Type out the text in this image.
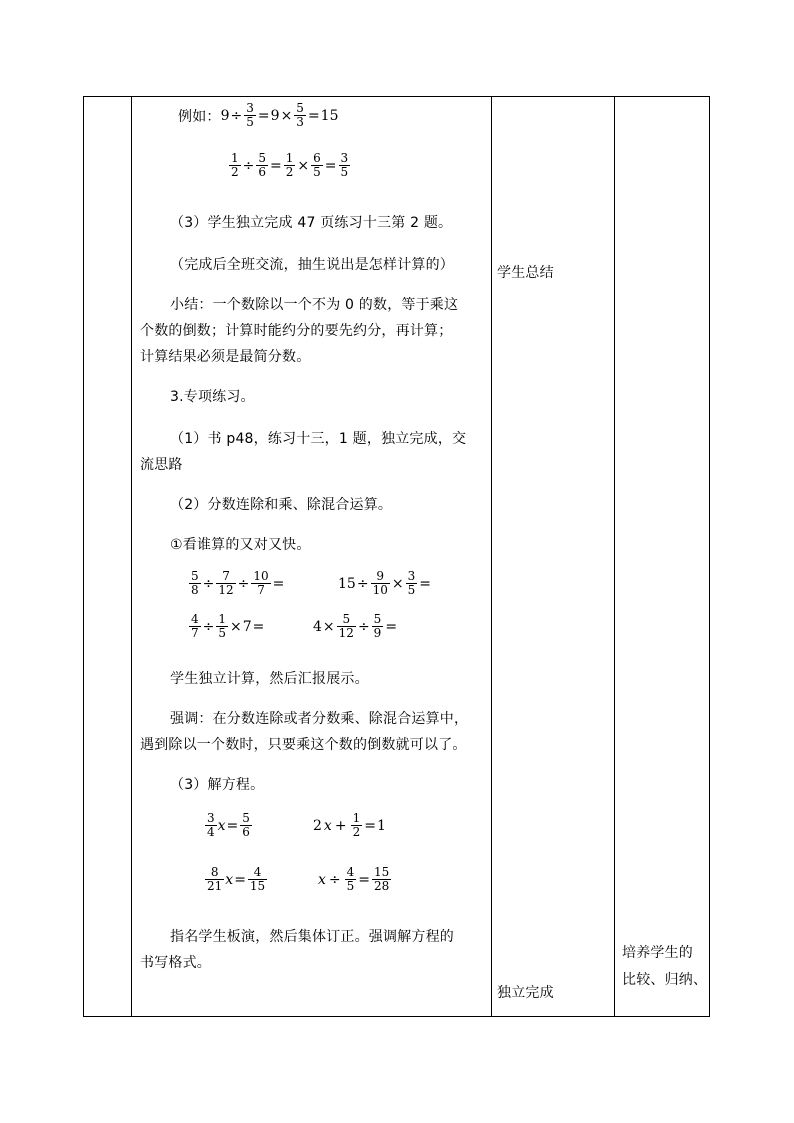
例如： $9 \div \frac{3}{5} = 9 \times \frac{5}{3} = 15$
$\frac{1}{2} \div \frac{5}{6} = \frac{1}{2} \times \frac{6}{5} = \frac{3}{5}$
（3）学生独立完成 47 页练习十三第 2 题。
（完成后全班交流，抽生说出是怎样计算的）
小结：一个数除以一个不为 0 的数，等于乘这
个数的倒数；计算时能约分的要先约分，再计算；
计算结果必须是最简分数。
3.专项练习。
（1）书 p48，练习十三，1 题，独立完成，交
流思路
（2）分数连除和乘、除混合运算。
①看谁算的又对又快。
$\frac{5}{8} \div \frac{7}{12} \div \frac{10}{7}$ =	$15 \div \frac{9}{10} \times \frac{3}{5}$ =
$\frac{4}{7} \div \frac{1}{5} \times 7$ =	$4 \times \frac{5}{12} \div \frac{5}{9}$ =
学生独立计算，然后汇报展示。
强调：在分数连除或者分数乘、除混合运算中，
遇到除以一个数时，只要乘这个数的倒数就可以了。
（3）解方程。
$\frac{3}{4}$ $x = \frac{5}{6}$	2 $x + \frac{1}{2} = 1$
$\frac{8}{21}$ $x = \frac{4}{15}$	$x \div \frac{4}{5} = \frac{15}{28}$
指名学生板演，然后集体订正。强调解方程的
书写格式。
学生总结
独立完成
培养学生的
比较、归纳、
